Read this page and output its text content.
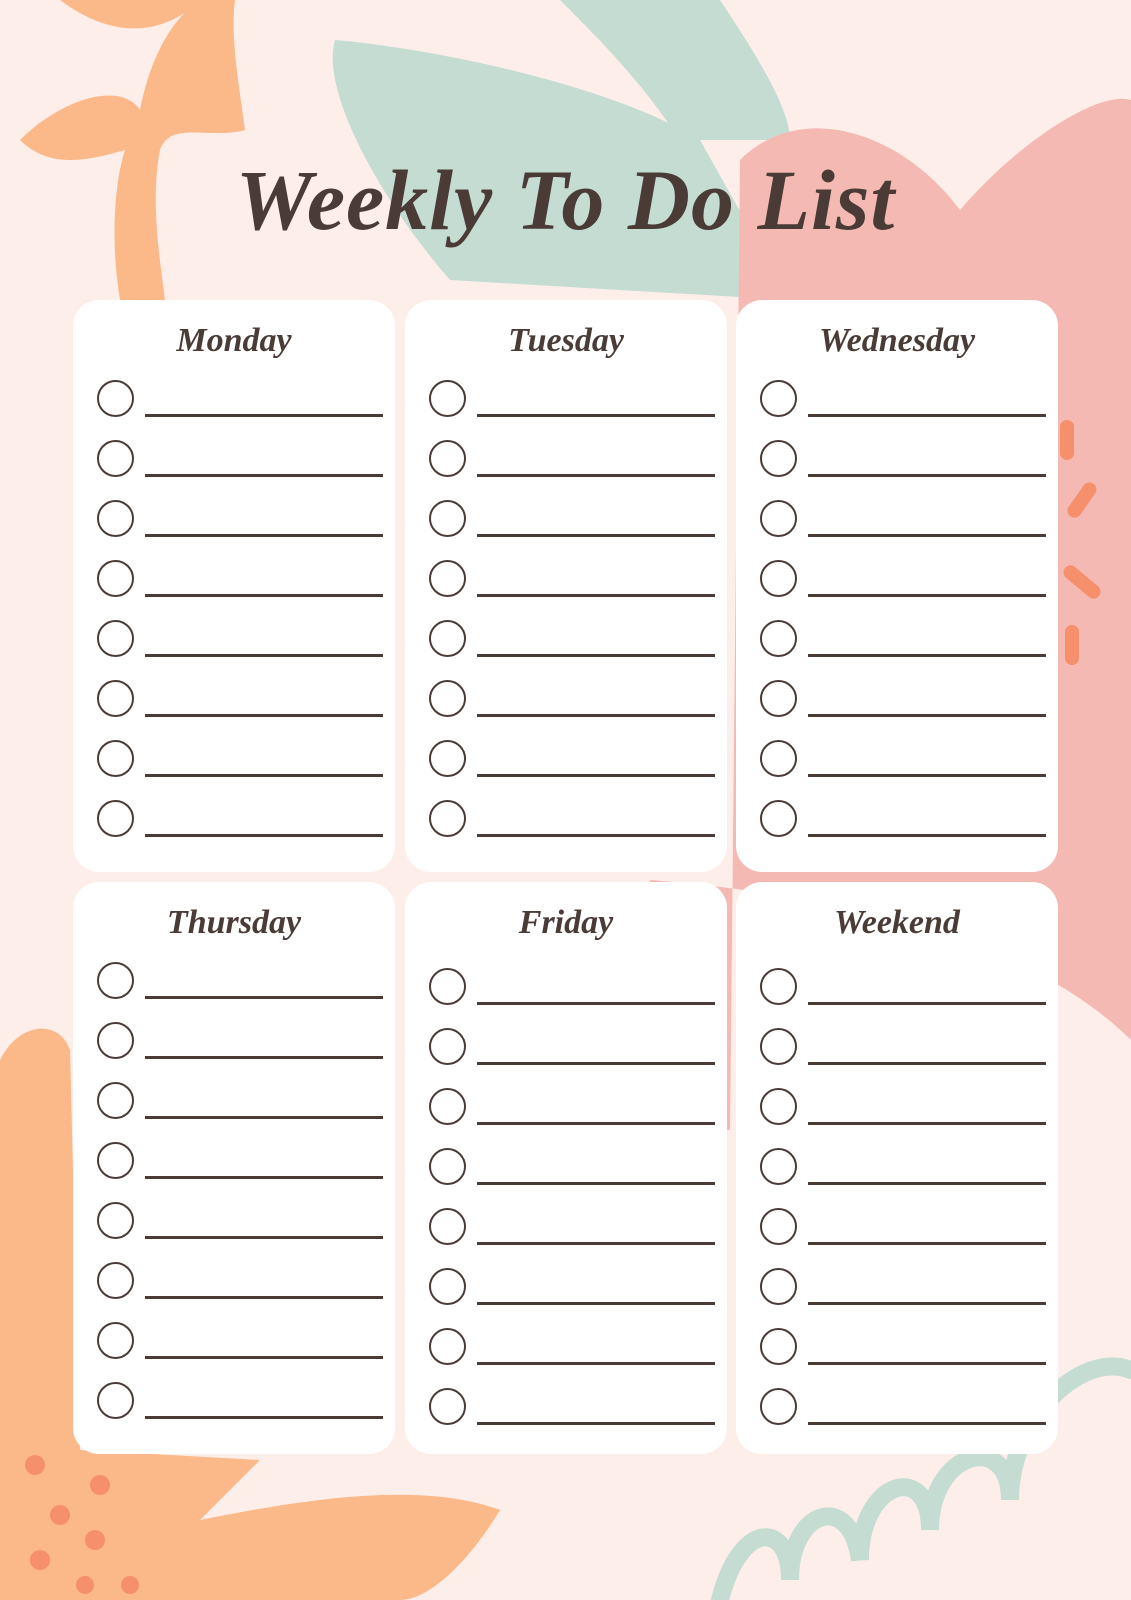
Weekly To Do List
Monday	Tuesday	Wednesday
Thursday	Friday	Weekend
